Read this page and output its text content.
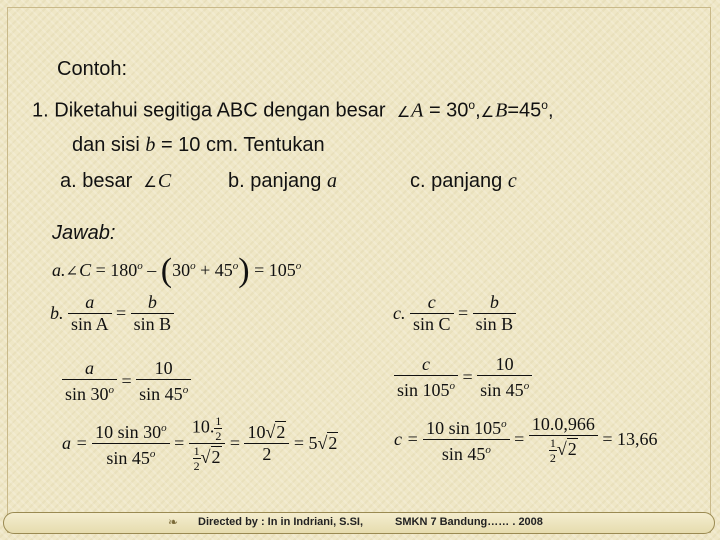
Contoh:
1. Diketahui segitiga ABC dengan besar ∠A = $30^o,\angle B=45^o$,
dan sisi b = 10 cm. Tentukan
a. besar ∠C	b. panjang a	c. panjang c
Jawab:
a.∠C = $180^o - (30^o + 45^o) = 105^o$
b. $\frac{a}{\text{sin A}} = \frac{b}{\text{sin B}}$
$\frac{a}{\sin 30^o} = \frac{10}{\sin 45^o}$
$a = \frac{10 \sin 30^o}{\sin 45^o} = \frac{10. \frac{1}{2}}{\frac{1}{2} √2} = \frac{10√2}{2} = 5√2$
c. $\frac{c}{\text{sin C}} = \frac{b}{\text{sin B}}$
$\frac{c}{\sin 105^o} = \frac{10}{\sin 45^o}$
$c = \frac{10 \sin 105^o}{\sin 45^o} = \frac{10.0,966}{\frac{1}{2} √2} = 13,66$
❧ Directed by : In in Indriani, S.SI,	SMKN 7 Bandung…… . 2008
